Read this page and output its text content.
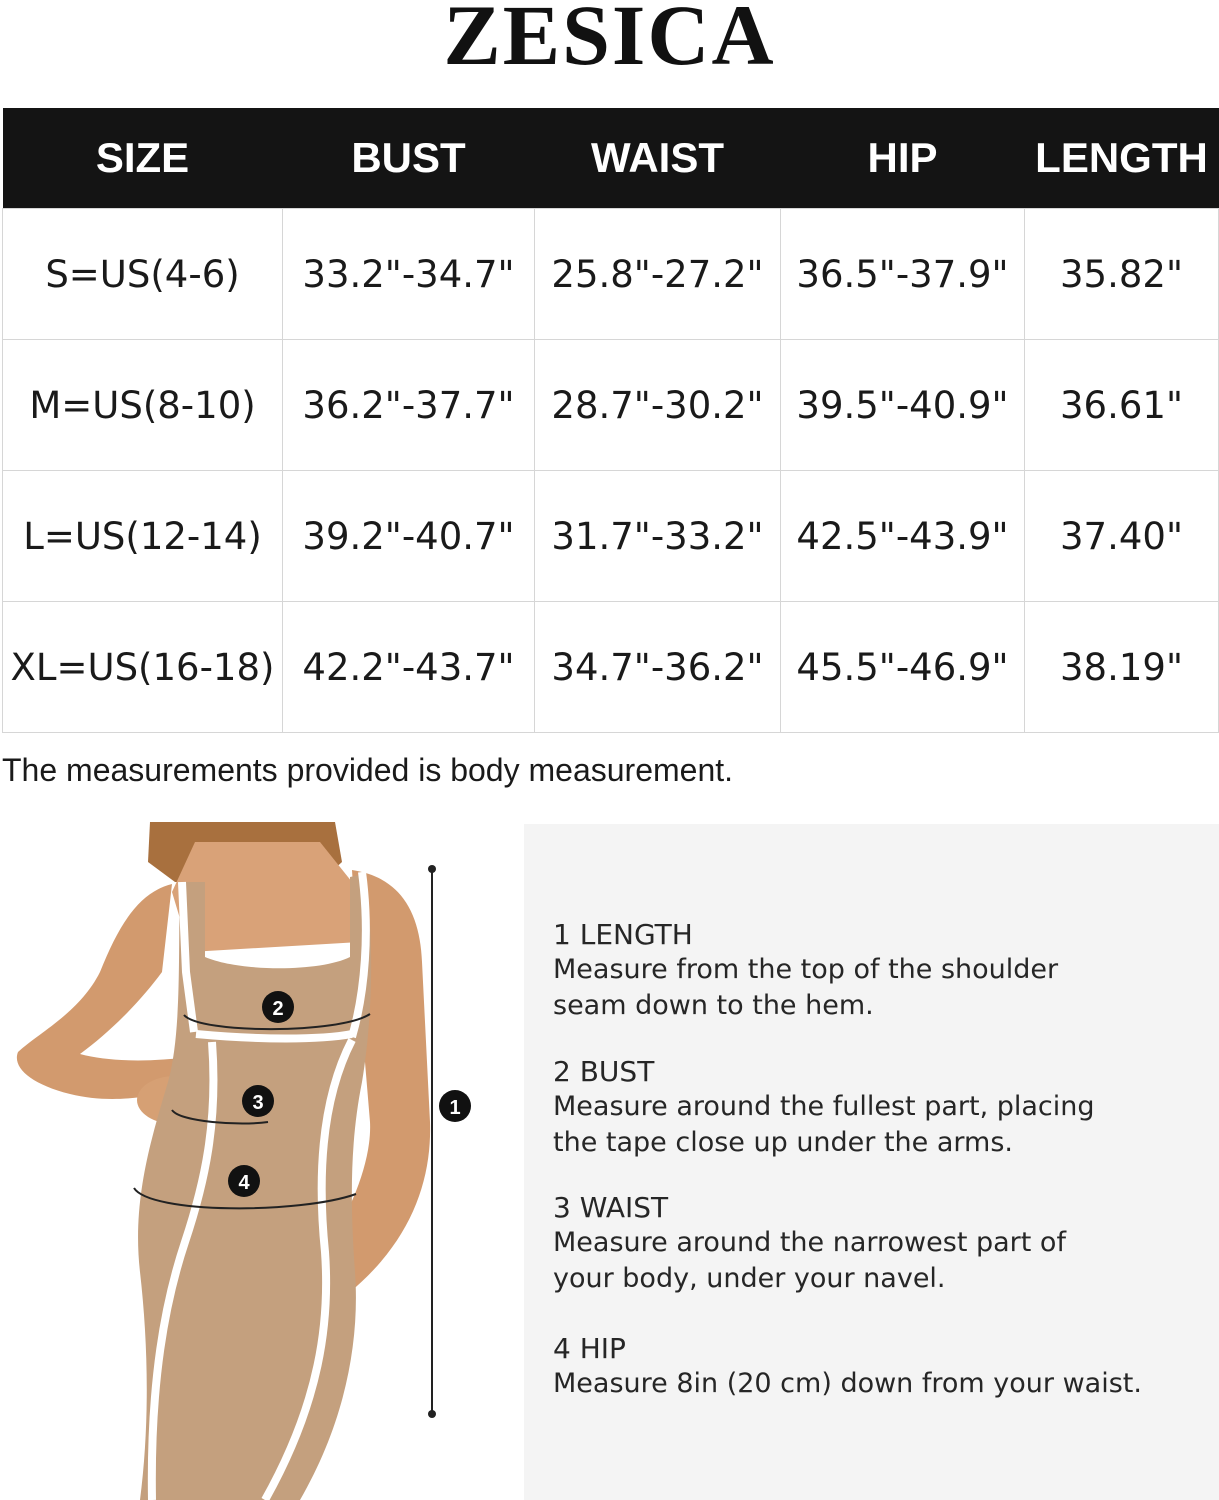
ZESICA
SIZE	BUST	WAIST	HIP	LENGTH
S=US(4-6)	33.2"-34.7"	25.8"-27.2"	36.5"-37.9"	35.82"
M=US(8-10)	36.2"-37.7"	28.7"-30.2"	39.5"-40.9"	36.61"
L=US(12-14)	39.2"-40.7"	31.7"-33.2"	42.5"-43.9"	37.40"
XL=US(16-18)	42.2"-43.7"	34.7"-36.2"	45.5"-46.9"	38.19"
The measurements provided is body measurement.
1
2
3
4
1 LENGTH
Measure from the top of the shoulder
seam down to the hem.
2 BUST
Measure around the fullest part, placing
the tape close up under the arms.
3 WAIST
Measure around the narrowest part of
your body, under your navel.
4 HIP
Measure 8in (20 cm) down from your waist.
